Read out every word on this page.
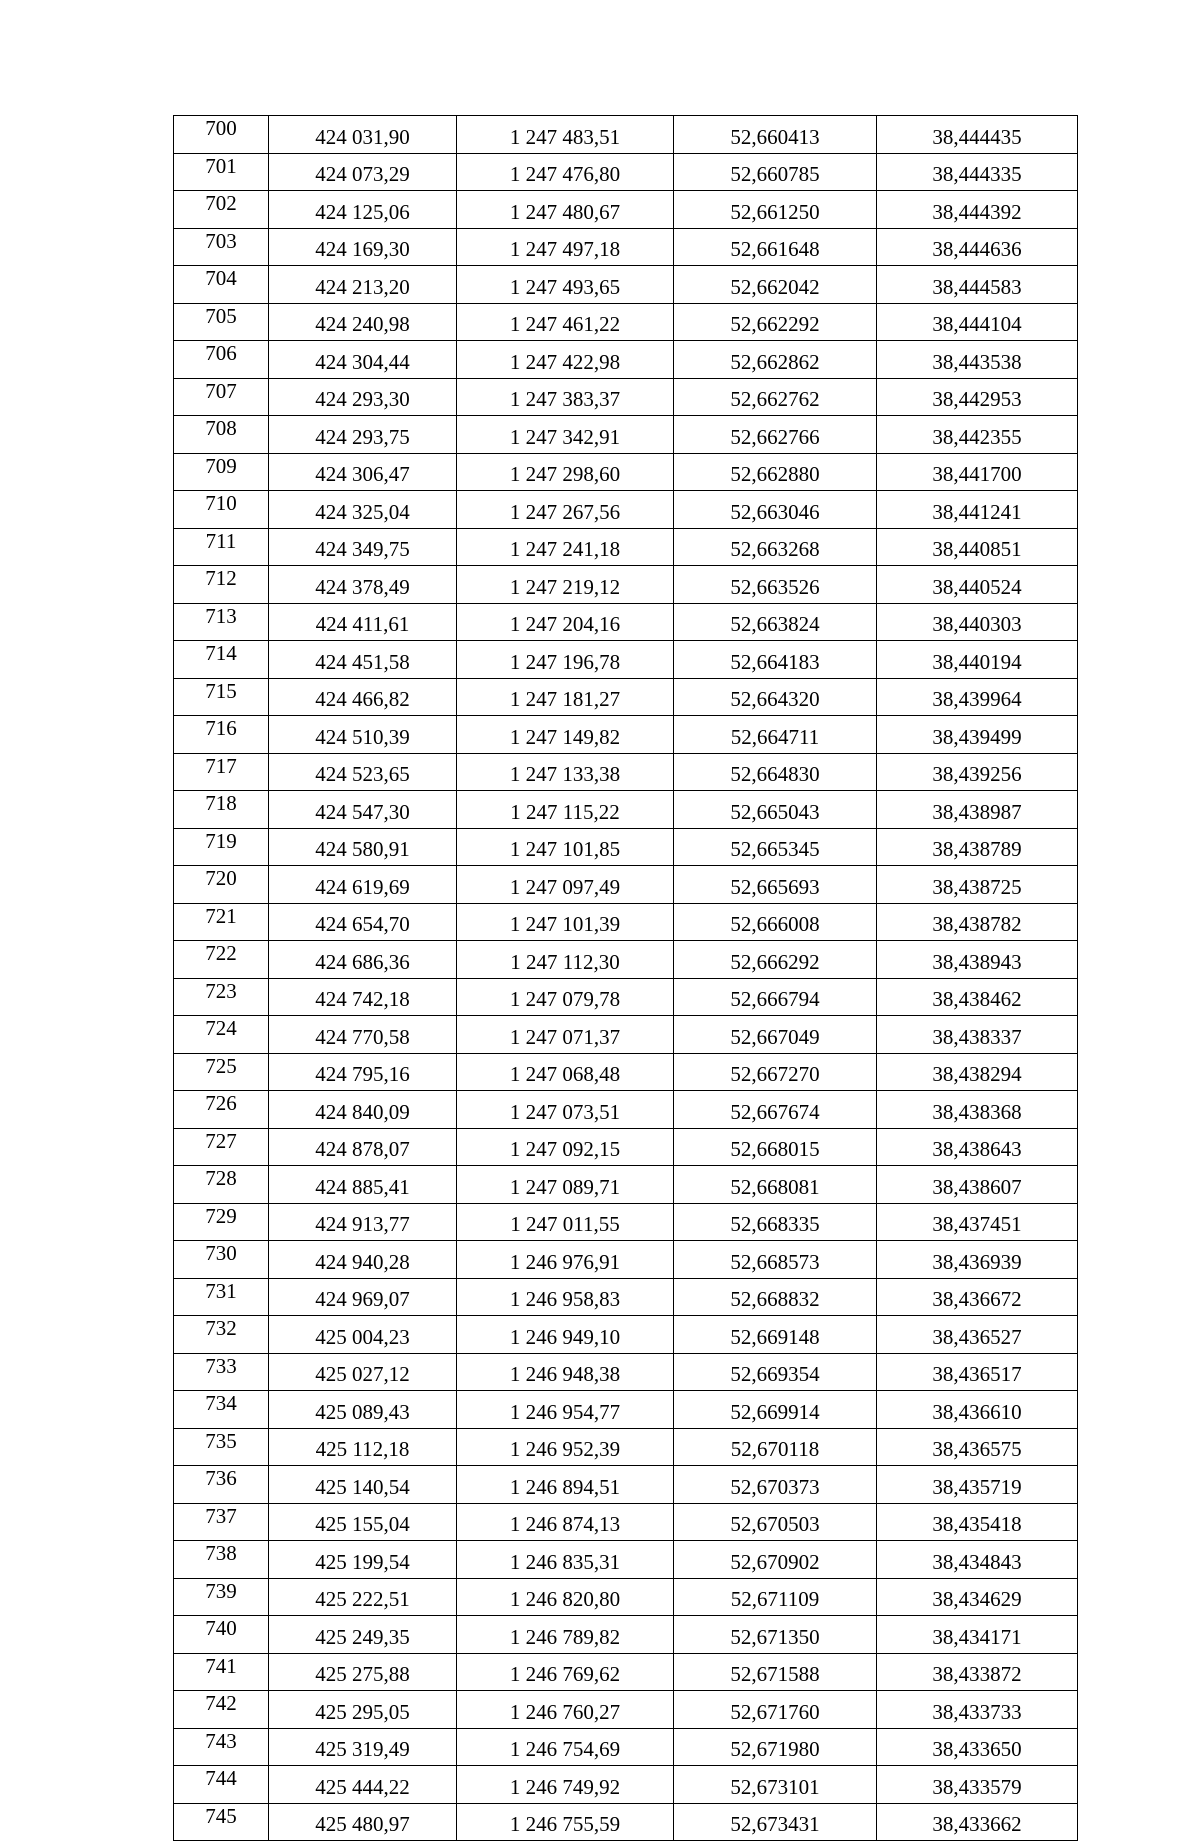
700	424 031,90	1 247 483,51	52,660413	38,444435
701	424 073,29	1 247 476,80	52,660785	38,444335
702	424 125,06	1 247 480,67	52,661250	38,444392
703	424 169,30	1 247 497,18	52,661648	38,444636
704	424 213,20	1 247 493,65	52,662042	38,444583
705	424 240,98	1 247 461,22	52,662292	38,444104
706	424 304,44	1 247 422,98	52,662862	38,443538
707	424 293,30	1 247 383,37	52,662762	38,442953
708	424 293,75	1 247 342,91	52,662766	38,442355
709	424 306,47	1 247 298,60	52,662880	38,441700
710	424 325,04	1 247 267,56	52,663046	38,441241
711	424 349,75	1 247 241,18	52,663268	38,440851
712	424 378,49	1 247 219,12	52,663526	38,440524
713	424 411,61	1 247 204,16	52,663824	38,440303
714	424 451,58	1 247 196,78	52,664183	38,440194
715	424 466,82	1 247 181,27	52,664320	38,439964
716	424 510,39	1 247 149,82	52,664711	38,439499
717	424 523,65	1 247 133,38	52,664830	38,439256
718	424 547,30	1 247 115,22	52,665043	38,438987
719	424 580,91	1 247 101,85	52,665345	38,438789
720	424 619,69	1 247 097,49	52,665693	38,438725
721	424 654,70	1 247 101,39	52,666008	38,438782
722	424 686,36	1 247 112,30	52,666292	38,438943
723	424 742,18	1 247 079,78	52,666794	38,438462
724	424 770,58	1 247 071,37	52,667049	38,438337
725	424 795,16	1 247 068,48	52,667270	38,438294
726	424 840,09	1 247 073,51	52,667674	38,438368
727	424 878,07	1 247 092,15	52,668015	38,438643
728	424 885,41	1 247 089,71	52,668081	38,438607
729	424 913,77	1 247 011,55	52,668335	38,437451
730	424 940,28	1 246 976,91	52,668573	38,436939
731	424 969,07	1 246 958,83	52,668832	38,436672
732	425 004,23	1 246 949,10	52,669148	38,436527
733	425 027,12	1 246 948,38	52,669354	38,436517
734	425 089,43	1 246 954,77	52,669914	38,436610
735	425 112,18	1 246 952,39	52,670118	38,436575
736	425 140,54	1 246 894,51	52,670373	38,435719
737	425 155,04	1 246 874,13	52,670503	38,435418
738	425 199,54	1 246 835,31	52,670902	38,434843
739	425 222,51	1 246 820,80	52,671109	38,434629
740	425 249,35	1 246 789,82	52,671350	38,434171
741	425 275,88	1 246 769,62	52,671588	38,433872
742	425 295,05	1 246 760,27	52,671760	38,433733
743	425 319,49	1 246 754,69	52,671980	38,433650
744	425 444,22	1 246 749,92	52,673101	38,433579
745	425 480,97	1 246 755,59	52,673431	38,433662
